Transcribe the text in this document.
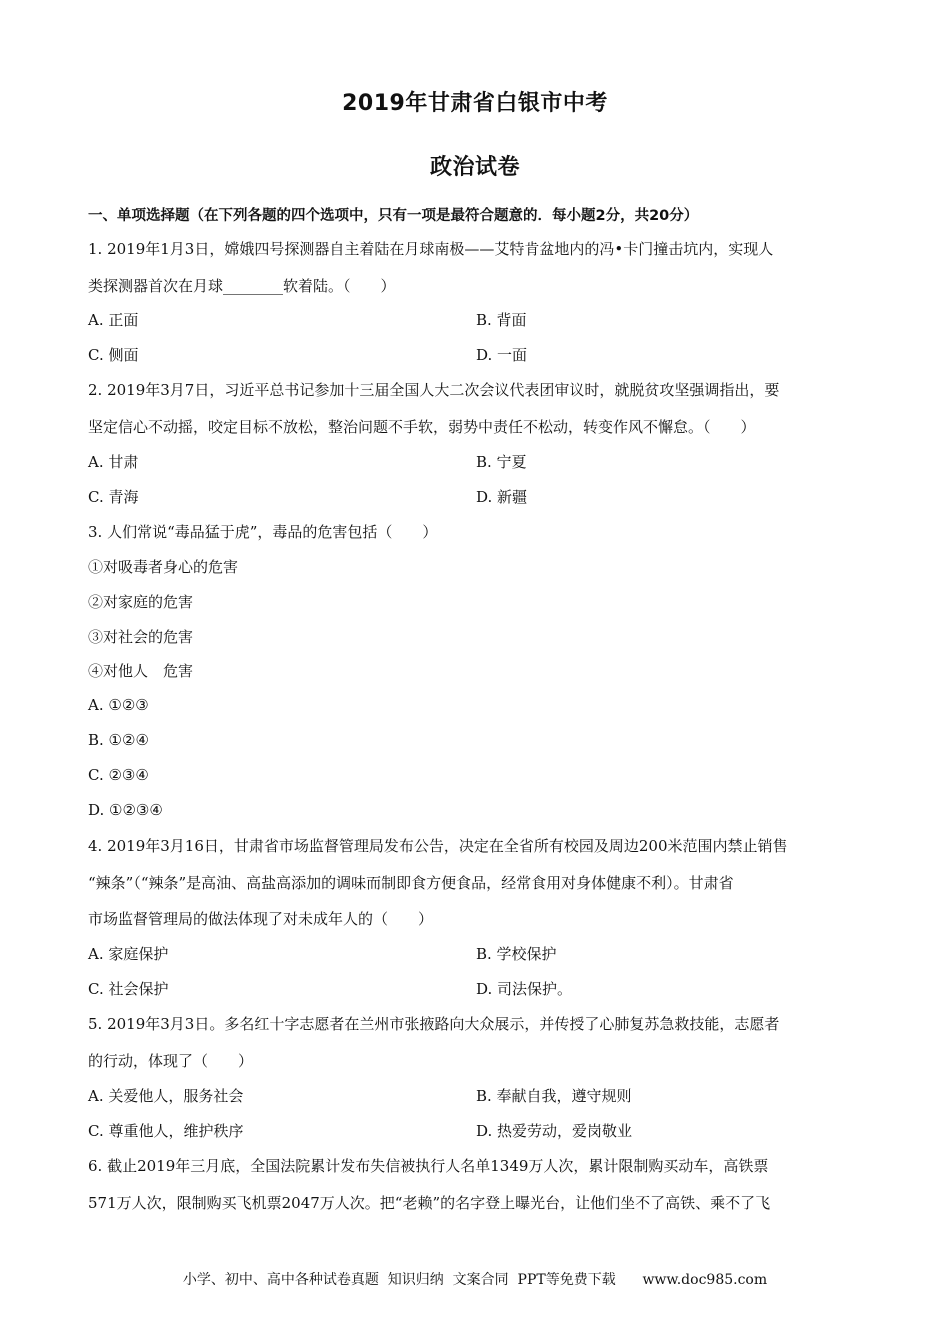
2019年甘肃省白银市中考
政治试卷
一、单项选择题（在下列各题的四个选项中，只有一项是最符合题意的．每小题2分，共20分）
1. 2019年1月3日，嫦娥四号探测器自主着陆在月球南极——艾特肯盆地内的冯•卡门撞击坑内，实现人
类探测器首次在月球________软着陆。（　　）
A. 正面	B. 背面
C. 侧面	D. 一面
2. 2019年3月7日，习近平总书记参加十三届全国人大二次会议代表团审议时，就脱贫攻坚强调指出，要
坚定信心不动摇，咬定目标不放松，整治问题不手软，弱势中责任不松动，转变作风不懈怠。（　　）
A. 甘肃	B. 宁夏
C. 青海	D. 新疆
3. 人们常说“毒品猛于虎”，毒品的危害包括（　　）
①对吸毒者身心的危害
②对家庭的危害
③对社会的危害
④对他人　危害
A. ①②③
B. ①②④
C. ②③④
D. ①②③④
4. 2019年3月16日，甘肃省市场监督管理局发布公告，决定在全省所有校园及周边200米范围内禁止销售
“辣条”（“辣条”是高油、高盐高添加的调味而制即食方便食品，经常食用对身体健康不利）。甘肃省
市场监督管理局的做法体现了对未成年人的（　　）
A. 家庭保护	B. 学校保护
C. 社会保护	D. 司法保护。
5. 2019年3月3日。多名红十字志愿者在兰州市张掖路向大众展示，并传授了心肺复苏急救技能，志愿者
的行动，体现了（　　）
A. 关爱他人，服务社会	B. 奉献自我，遵守规则
C. 尊重他人，维护秩序	D. 热爱劳动，爱岗敬业
6. 截止2019年三月底，全国法院累计发布失信被执行人名单1349万人次，累计限制购买动车，高铁票
571万人次，限制购买飞机票2047万人次。把“老赖”的名字登上曝光台，让他们坐不了高铁、乘不了飞
小学、初中、高中各种试卷真题  知识归纳  文案合同  PPT等免费下载      www.doc985.com
